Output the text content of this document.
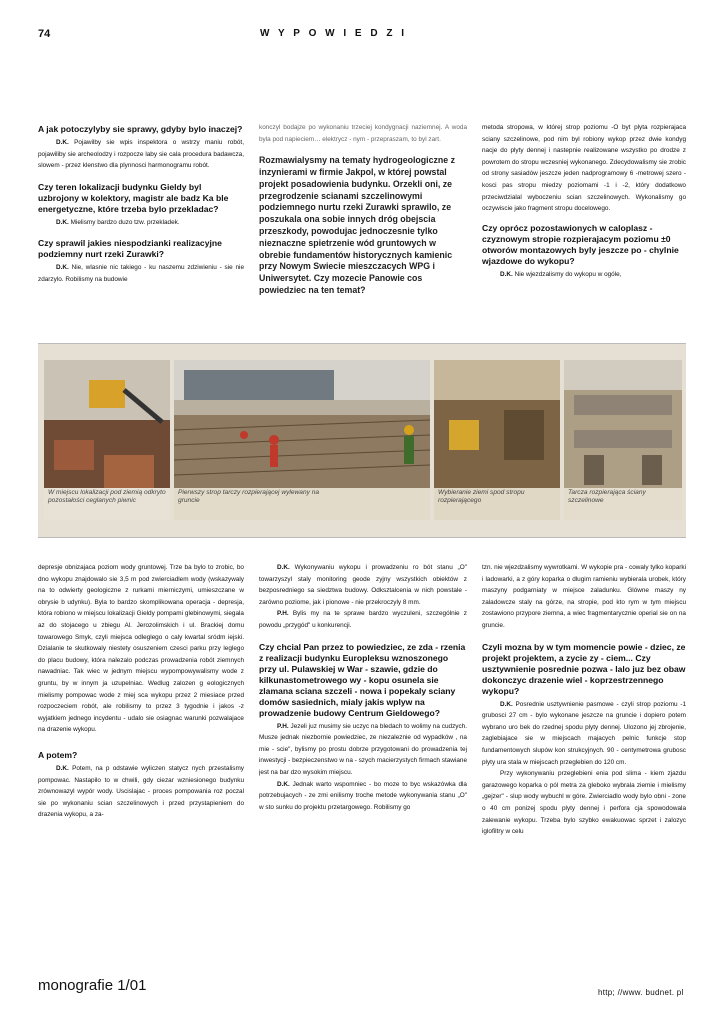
74	W Y P O W I E D Z I

A jak potoczylyby sie sprawy, gdyby bylo inaczej?

D.K. Pojawilby sie wpis inspektora o wstrzy maniu robót, pojawiliby sie archeolodzy i rozpocze laby sie cala procedura badawcza, slowem - przez klenstwo dla plynnosci harmonogramu robót.

Czy teren lokalizacji budynku Gieldy byl uzbrojony w kolektory, magistr ale badz Ka ble energetyczne, które trzeba bylo przekladac?

D.K. Mielismy bardzo duzo tzw. przekladek.

Czy sprawil jakies niespodzianki realizacyjne podziemny nurt rzeki Zurawki?

D.K. Nie, wlasnie nic takiego - ku naszemu zdziwieniu - sie nie zdarzylo. Robilismy na budowie

konczyl bodajze po wykonaniu trzeciej kondygnacji naziemnej. A woda byla pod napieciem… elektrycz - nym - przepraszam, to byl zart.

Rozmawialysmy na tematy hydrogeologiczne z inzynierami w firmie Jakpol, w której powstal projekt posadowienia budynku. Orzekli oni, ze przegrodzenie scianami szczelinowymi podziemnego nurtu rzeki Zurawki sprawilo, ze poszukala ona sobie innych dróg obejscia przeszkody, powodujac jednoczesnie tylko nieznaczne spietrzenie wód gruntowych w obrebie fundamentów historycznych kamienic przy Nowym Swiecie mieszczacych WPG i Uniwersytet. Czy mozecie Panowie cos powiedziec na ten temat?

metoda stropowa, w której strop poziomu -O byt plyta rozpierajaca sciany szczelinowe, pod nim byl robiony wykop przez dwie kondyg nacje do plyty dennej i nastepnie realizowane wszystko po drodze z powrotem do stropu wczesniej wykonanego. Zdecydowalismy sie zrobic od strony sasiadów jeszcze jeden nadprogramowy 6 -metrowej szero - kosci pas stropu miedzy poziomami -1 i -2, który dodatkowo przeciwdzialal wyboczeniu scian szczelinowych. Wykonalismy go oczywiscie jako fragment stropu docelowego.

Czy oprócz pozostawionych w caloplasz - czyznowym stropie rozpierajacym poziomu ±0 otworów montazowych byly jeszcze po - chylnie wjazdowe do wykopu?

D.K. Nie wjezdzalismy do wykopu w ogóle,

W miejscu lokalizacji pod ziemią odkryto pozostałości ceglanych piwnic
Pierwszy strop tarczy rozpierającej wylewany na gruncie
Wybieranie ziemi spod stropu rozpierającego
Tarcza rozpierająca ściany szczelinowe

depresje obnizajaca poziom wody gruntowej. Trze ba bylo to zrobic, bo dno wykopu znajdowalo sie 3,5 m pod zwierciadlem wody (wskazywaly na to odwierty geologiczne z rurkami mierniczymi, umieszczane w obrysie b udynku). Byla to bardzo skomplikowana operacja - depresja, która robiono w miejscu lokalizacji Gieldy pompami glebinowymi, siegala az do stojacego u zbiegu Al. Jerozolimskich i ul. Brackiej domu towarowego Smyk, czyli miejsca odleglego o caly kwartal sródm iejski. Dzialanie te skutkowaly niestety osuszeniem czesci parku przy leglego do placu budowy, która nalezalo podczas prowadzenia robót ziemnych nawadniac. Tak wiec w jednym miejscu wypompowywalismy wode z gruntu, by w innym ja uzupelniac. Wedlug zalozen g eologicznych mielismy pompowac wode z miej sca wykopu przez 2 miesiace przed rozpoczeciem robót, ale robilismy to przez 3 tygodnie i jakos -z wyjatkiem jednego incydentu - udalo sie osiagnac warunki pozwalajace na drazenie wykopu.

A potem?

D.K. Potem, na p odstawie wyliczen statycz nych przestalismy pompowac. Nastapilo to w chwili, gdy ciezar wzniesionego budynku zrównowazyl wypór wody. Uscislajac - proces pompowania roz poczal sie po wykonaniu scian szczelinowych i przed przystapieniem do drazenia wykopu, a za-

D.K. Wykonywaniu wykopu i prowadzeniu ro bót stanu „O" towarzyszyl staly monitoring geode zyjny wszystkich obiektów z bezposredniego sa siedztwa budowy. Odksztalcenia w nich powstale -zarówno poziome, jak i pionowe - nie przekroczyly 8 mm.

P.H. Bylis my na te sprawe bardzo wyczuleni, szczególnie z powodu „przygód" u konkurencji.

Czy chcial Pan przez to powiedziec, ze zda - rzenia z realizacji budynku Europleksu wznoszonego przy ul. Pulawskiej w War - szawie, gdzie do kilkunastometrowego wy - kopu osunela sie zlamana sciana szczeli - nowa i popekaly sciany domów sasiednich, mialy jakis wplyw na prowadzenie budowy Centrum Gieldowego?

P.H. Jezeli juz musimy sie uczyc na bledach to wolimy na cudzych. Musze jednak niezbornie powiedziec, ze niezaleznie od wypadków , na mie - scie", bylismy po prostu dobrze przygotowani do prowadzenia tej inwestycji - bezpieczenstwo w na - szych macierzystych firmach stawiane jest na bar dzo wysokim miejscu.

D.K. Jednak warto wspomniec - bo moze to byc wskazówka dla potrzebujacych - ze zmi enilismy troche metode wykonywania stanu „O" w sto sunku do projektu przetargowego. Robilismy go

tzn. nie wjezdzalismy wywrotkami. W wykopie pra - cowaly tylko koparki i ladowarki, a z góry koparka o dlugim ramieniu wybierala urobek, który maszyny podgarniaty w miejsce zaladunku. Glówne maszy ny zaladowcze staly na górze, na stropie, pod kto rym w tym miejscu zostawiono przypore ziemna, a wiec fragmentarycznie operial sie on na gruncie.

Czyli mozna by w tym momencie powie - dziec, ze projekt projektem, a zycie zy - ciem... Czy usztywnienie posrednie pozwa - lalo juz bez obaw dokonczyc drazenie wiel - koprzestrzennego wykopu?

D.K. Posrednie usztywnienie pasmowe - czyli strop poziomu -1 grubosci 27 cm - bylo wykonane jeszcze na gruncie i dopiero potem wybrano uro bek do rzednej spodu plyty dennej. Ulozono jej zbrojenie, zaglebiajace sie w miejscach majacych pelnic funkcje stop fundamentowych slupów kon strukcyjnych. 90 - centymetrowa grubosc plyty ura stala w miejscach przeglebien do 120 cm.

Przy wykonywaniu przeglebieni enia pod slima - kiem zjazdu garazowego koparka o pól metra za gleboko wybrala ziemie i mielismy „gejzer" - slup wody wybuchl w góre. Zwierciadlo wody bylo obni - zone o 40 cm ponizej spodu plyty dennej i perfora cja spowodowala zalewanie wykopu. Trzeba bylo szybko ewakuowac sprzet i zalozyc iglofiltry w celu

monografie 1/01	http; //www. budnet. pl
